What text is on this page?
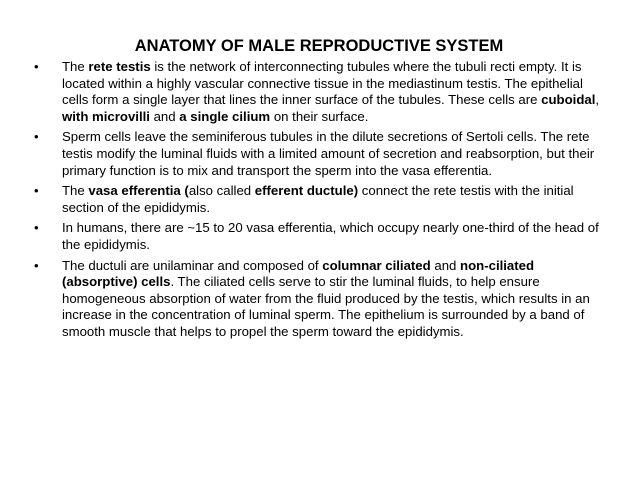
ANATOMY OF MALE REPRODUCTIVE SYSTEM
•	The rete testis is the network of interconnecting tubules where the tubuli recti empty. It is located within a highly vascular connective tissue in the mediastinum testis. The epithelial cells form a single layer that lines the inner surface of the tubules. These cells are cuboidal, with microvilli and a single cilium on their surface.
•	Sperm cells leave the seminiferous tubules in the dilute secretions of Sertoli cells. The rete testis modify the luminal fluids with a limited amount of secretion and reabsorption, but their primary function is to mix and transport the sperm into the vasa efferentia.
•	The vasa efferentia (also called efferent ductule) connect the rete testis with the initial section of the epididymis.
•	In humans, there are ~15 to 20 vasa efferentia, which occupy nearly one-third of the head of the epididymis.
•	The ductuli are unilaminar and composed of columnar ciliated and non-ciliated (absorptive) cells. The ciliated cells serve to stir the luminal fluids, to help ensure homogeneous absorption of water from the fluid produced by the testis, which results in an increase in the concentration of luminal sperm. The epithelium is surrounded by a band of smooth muscle that helps to propel the sperm toward the epididymis.
